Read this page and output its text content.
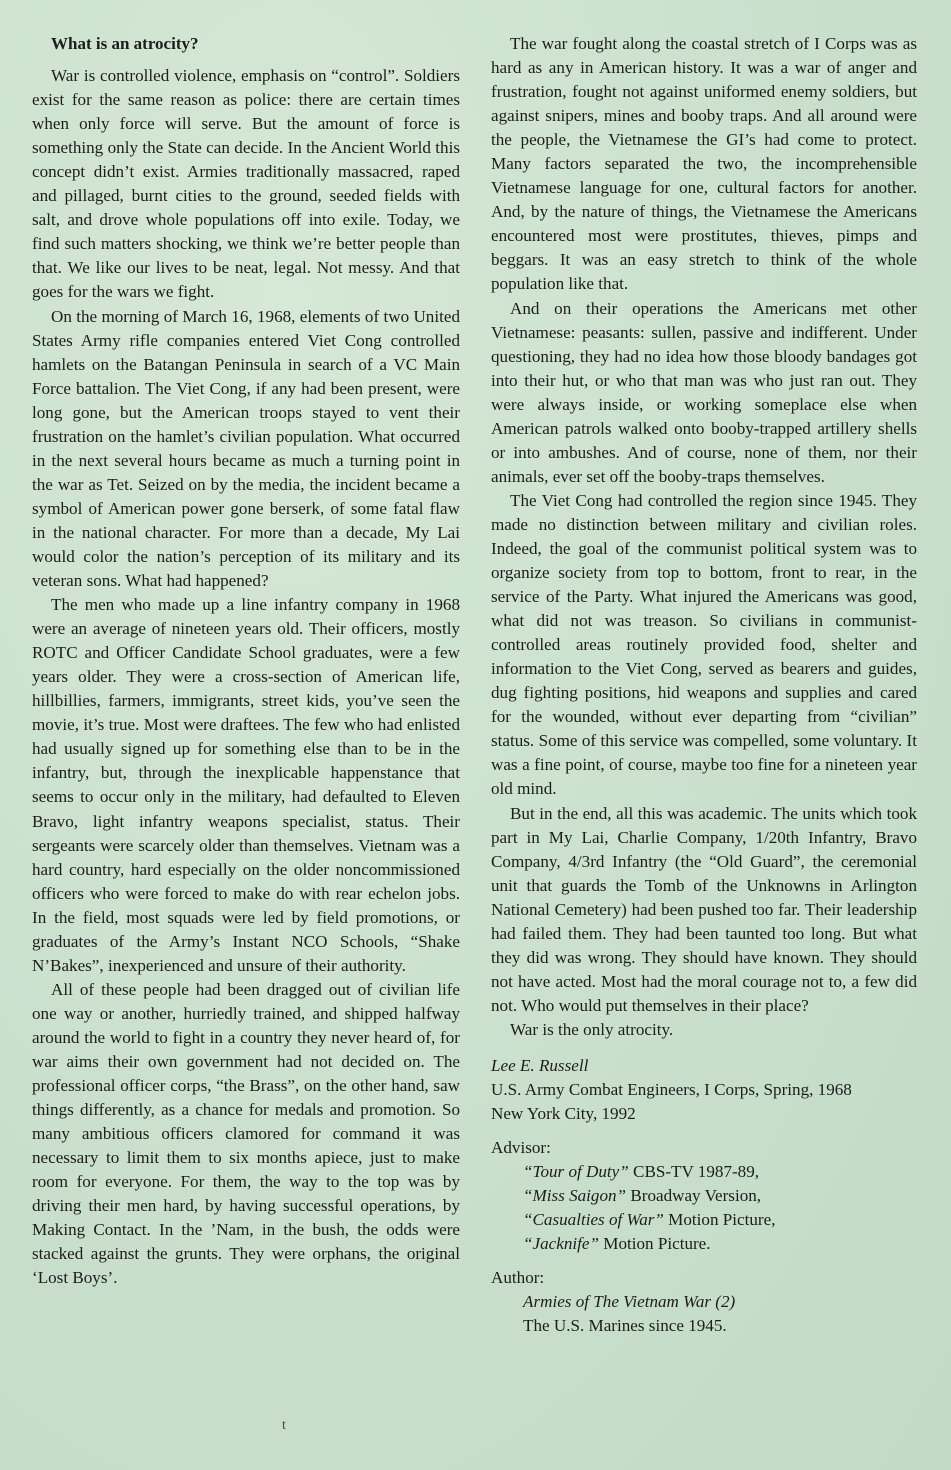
What is an atrocity?

War is controlled violence, emphasis on “control”. Soldiers exist for the same reason as police: there are certain times when only force will serve. But the amount of force is something only the State can decide. In the Ancient World this concept didn’t exist. Armies traditionally massacred, raped and pillaged, burnt cities to the ground, seeded fields with salt, and drove whole populations off into exile. Today, we find such matters shocking, we think we’re better people than that. We like our lives to be neat, legal. Not messy. And that goes for the wars we fight.

On the morning of March 16, 1968, elements of two United States Army rifle companies entered Viet Cong controlled hamlets on the Batangan Peninsula in search of a VC Main Force battalion. The Viet Cong, if any had been present, were long gone, but the American troops stayed to vent their frustration on the hamlet’s civilian population. What occurred in the next several hours became as much a turning point in the war as Tet. Seized on by the media, the incident became a symbol of American power gone berserk, of some fatal flaw in the national character. For more than a decade, My Lai would color the nation’s perception of its military and its veteran sons. What had happened?

The men who made up a line infantry company in 1968 were an average of nineteen years old. Their officers, mostly ROTC and Officer Candidate School graduates, were a few years older. They were a cross-section of American life, hillbillies, farmers, immigrants, street kids, you’ve seen the movie, it’s true. Most were draftees. The few who had enlisted had usually signed up for something else than to be in the infantry, but, through the inexplicable happenstance that seems to occur only in the military, had defaulted to Eleven Bravo, light infantry weapons specialist, status. Their sergeants were scarcely older than themselves. Vietnam was a hard country, hard especially on the older noncommissioned officers who were forced to make do with rear echelon jobs. In the field, most squads were led by field promotions, or graduates of the Army’s Instant NCO Schools, “Shake N’Bakes”, inexperienced and unsure of their authority.

All of these people had been dragged out of civilian life one way or another, hurriedly trained, and shipped halfway around the world to fight in a country they never heard of, for war aims their own government had not decided on. The professional officer corps, “the Brass”, on the other hand, saw things differently, as a chance for medals and promotion. So many ambitious officers clamored for command it was necessary to limit them to six months apiece, just to make room for everyone. For them, the way to the top was by driving their men hard, by having successful operations, by Making Contact. In the ’Nam, in the bush, the odds were stacked against the grunts. They were orphans, the original ‘Lost Boys’.

The war fought along the coastal stretch of I Corps was as hard as any in American history. It was a war of anger and frustration, fought not against uniformed enemy soldiers, but against snipers, mines and booby traps. And all around were the people, the Vietnamese the GI’s had come to protect. Many factors separated the two, the incomprehensible Vietnamese language for one, cultural factors for another. And, by the nature of things, the Vietnamese the Americans encountered most were prostitutes, thieves, pimps and beggars. It was an easy stretch to think of the whole population like that.

And on their operations the Americans met other Vietnamese: peasants: sullen, passive and indifferent. Under questioning, they had no idea how those bloody bandages got into their hut, or who that man was who just ran out. They were always inside, or working someplace else when American patrols walked onto booby-trapped artillery shells or into ambushes. And of course, none of them, nor their animals, ever set off the booby-traps themselves.

The Viet Cong had controlled the region since 1945. They made no distinction between military and civilian roles. Indeed, the goal of the communist political system was to organize society from top to bottom, front to rear, in the service of the Party. What injured the Americans was good, what did not was treason. So civilians in communist-controlled areas routinely provided food, shelter and information to the Viet Cong, served as bearers and guides, dug fighting positions, hid weapons and supplies and cared for the wounded, without ever departing from “civilian” status. Some of this service was compelled, some voluntary. It was a fine point, of course, maybe too fine for a nineteen year old mind.

But in the end, all this was academic. The units which took part in My Lai, Charlie Company, 1/20th Infantry, Bravo Company, 4/3rd Infantry (the “Old Guard”, the ceremonial unit that guards the Tomb of the Unknowns in Arlington National Cemetery) had been pushed too far. Their leadership had failed them. They had been taunted too long. But what they did was wrong. They should have known. They should not have acted. Most had the moral courage not to, a few did not. Who would put themselves in their place?

War is the only atrocity.

Lee E. Russell
U.S. Army Combat Engineers, I Corps, Spring, 1968
New York City, 1992

Advisor:
“Tour of Duty” CBS-TV 1987-89,
“Miss Saigon” Broadway Version,
“Casualties of War” Motion Picture,
“Jacknife” Motion Picture.
Author:
Armies of The Vietnam War (2)
The U.S. Marines since 1945.
t
